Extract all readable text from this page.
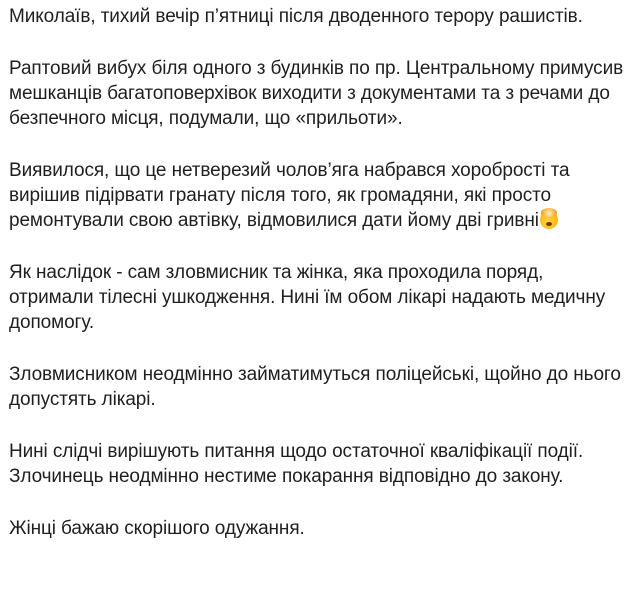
Миколаїв, тихий вечір п’ятниці після дводенного терору рашистів.

Раптовий вибух біля одного з будинків по пр. Центральному примусив мешканців багатоповерхівок виходити з документами та з речами до безпечного місця, подумали, що «прильоти».

Виявилося, що це нетверезий чолов’яга набрався хоробрості та вирішив підірвати гранату після того, як громадяни, які просто ремонтували свою автівку, відмовилися дати йому дві гривні

Як наслідок - сам зловмисник та жінка, яка проходила поряд, отримали тілесні ушкодження. Нині їм обом лікарі надають медичну допомогу.

Зловмисником неодмінно займатимуться поліцейські, щойно до нього допустять лікарі.

Нині слідчі вирішують питання щодо остаточної кваліфікації події. Злочинець неодмінно нестиме покарання відповідно до закону.

Жінці бажаю скорішого одужання.
